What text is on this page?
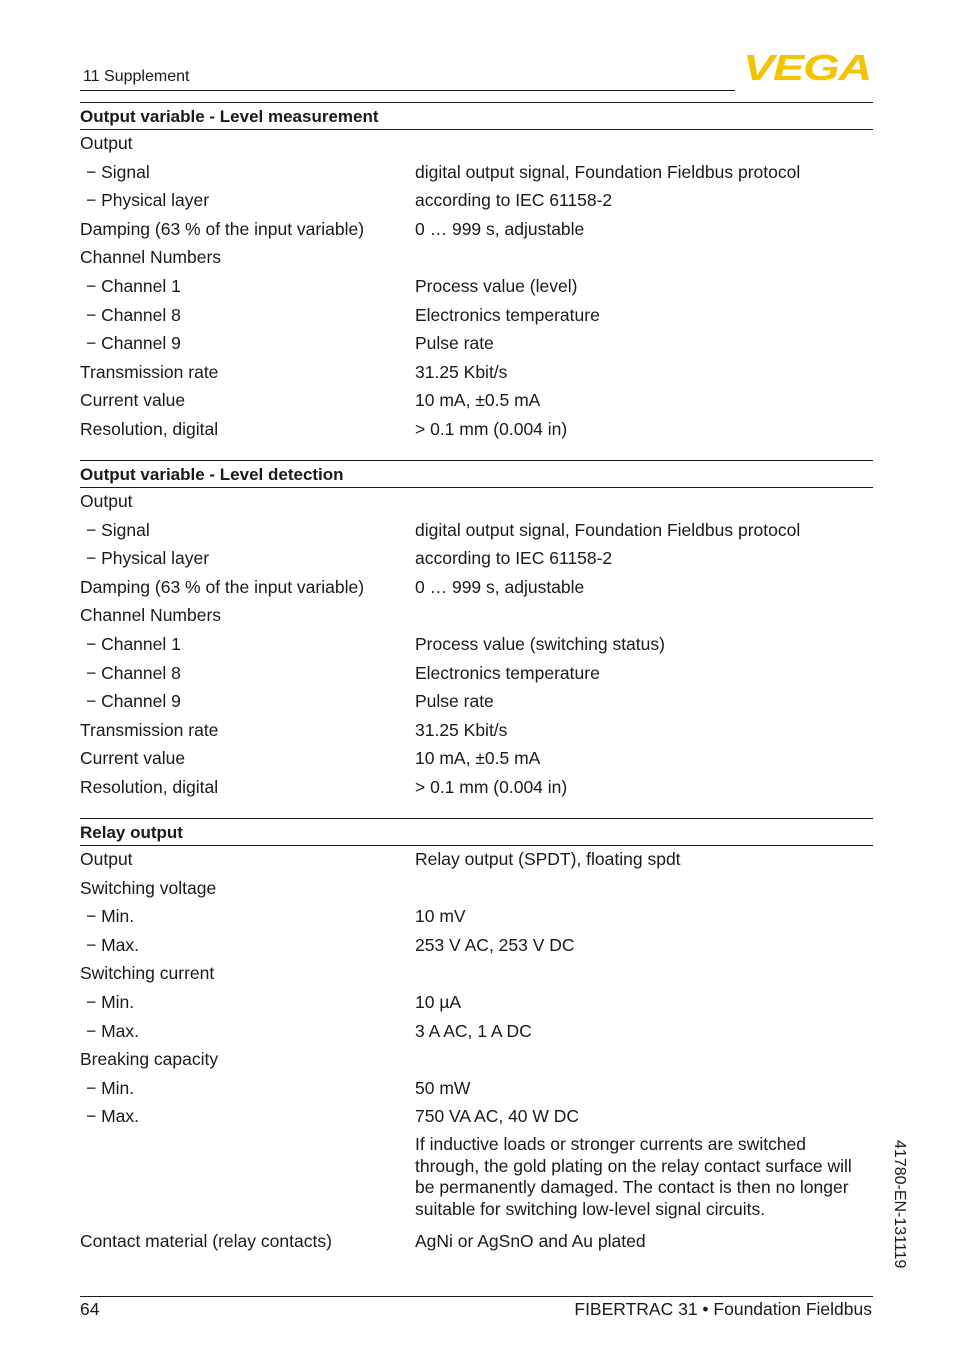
11 Supplement	VEGA
Output variable - Level measurement
Output
− Signal	digital output signal, Foundation Fieldbus protocol
− Physical layer	according to IEC 61158-2
Damping (63 % of the input variable)	0 … 999 s, adjustable
Channel Numbers
− Channel 1	Process value (level)
− Channel 8	Electronics temperature
− Channel 9	Pulse rate
Transmission rate	31.25 Kbit/s
Current value	10 mA, ±0.5 mA
Resolution, digital	> 0.1 mm (0.004 in)
Output variable - Level detection
Output
− Signal	digital output signal, Foundation Fieldbus protocol
− Physical layer	according to IEC 61158-2
Damping (63 % of the input variable)	0 … 999 s, adjustable
Channel Numbers
− Channel 1	Process value (switching status)
− Channel 8	Electronics temperature
− Channel 9	Pulse rate
Transmission rate	31.25 Kbit/s
Current value	10 mA, ±0.5 mA
Resolution, digital	> 0.1 mm (0.004 in)
Relay output
Output	Relay output (SPDT), floating spdt
Switching voltage
− Min.	10 mV
− Max.	253 V AC, 253 V DC
Switching current
− Min.	10 µA
− Max.	3 A AC, 1 A DC
Breaking capacity
− Min.	50 mW
− Max.	750 VA AC, 40 W DC
If inductive loads or stronger currents are switched through, the gold plating on the relay contact surface will be permanently damaged. The contact is then no longer suitable for switching low-level signal circuits.
Contact material (relay contacts)	AgNi or AgSnO and Au plated
64	FIBERTRAC 31 • Foundation Fieldbus
41780-EN-131119
